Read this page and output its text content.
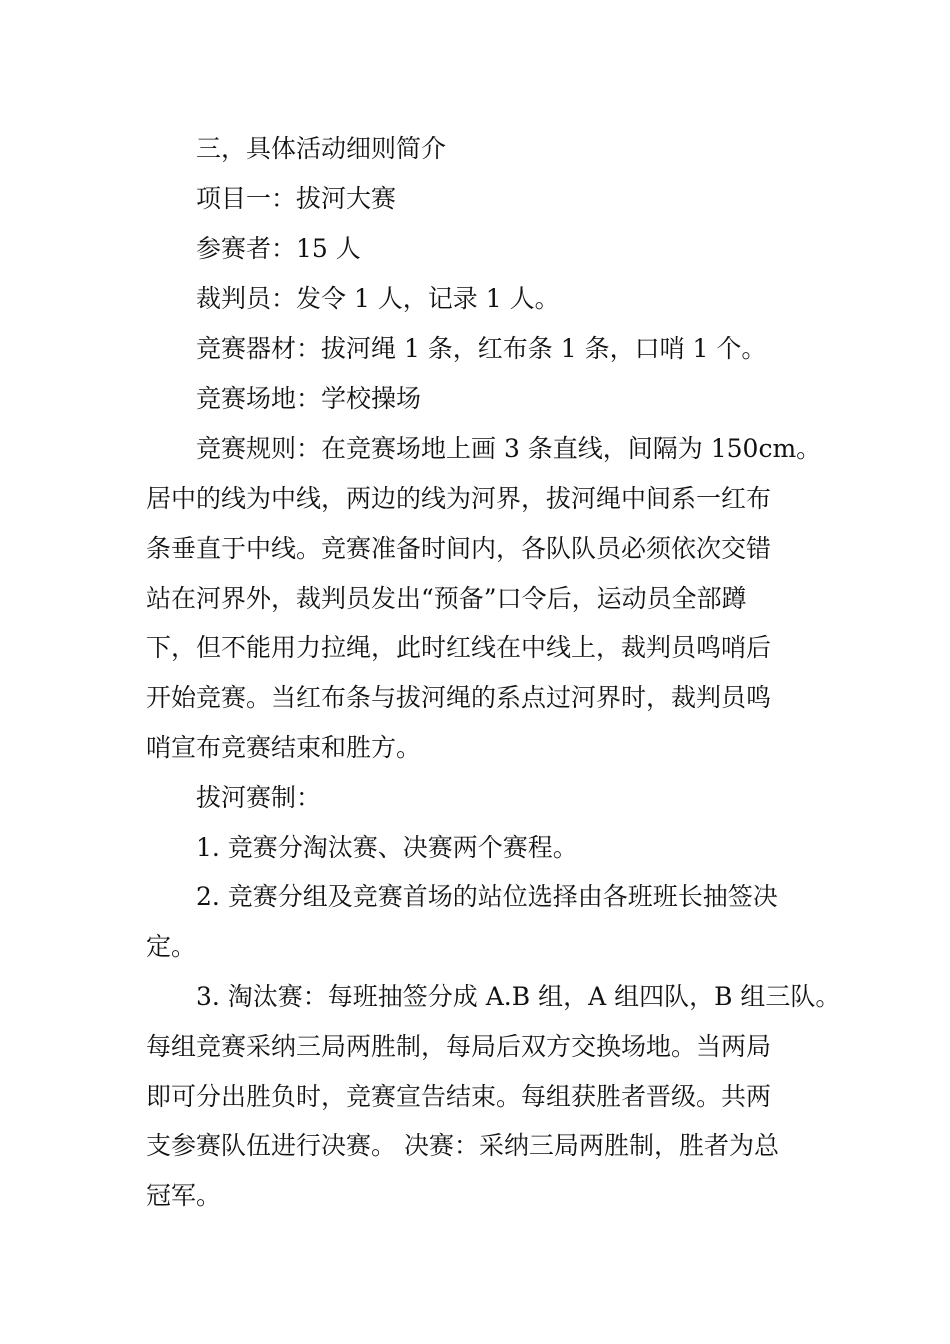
三，具体活动细则简介
项目一：拔河大赛
参赛者：15 人
裁判员：发令 1 人，记录 1 人。
竞赛器材：拔河绳 1 条，红布条 1 条，口哨 1 个。
竞赛场地：学校操场
竞赛规则：在竞赛场地上画 3 条直线，间隔为 150cm。
居中的线为中线，两边的线为河界，拔河绳中间系一红布
条垂直于中线。竞赛准备时间内，各队队员必须依次交错
站在河界外，裁判员发出“预备”口令后，运动员全部蹲
下，但不能用力拉绳，此时红线在中线上，裁判员鸣哨后
开始竞赛。当红布条与拔河绳的系点过河界时，裁判员鸣
哨宣布竞赛结束和胜方。
拔河赛制：
1. 竞赛分淘汰赛、决赛两个赛程。
2. 竞赛分组及竞赛首场的站位选择由各班班长抽签决
定。
3. 淘汰赛：每班抽签分成 A.B 组，A 组四队，B 组三队。
每组竞赛采纳三局两胜制，每局后双方交换场地。当两局
即可分出胜负时，竞赛宣告结束。每组获胜者晋级。共两
支参赛队伍进行决赛。 决赛：采纳三局两胜制，胜者为总
冠军。
